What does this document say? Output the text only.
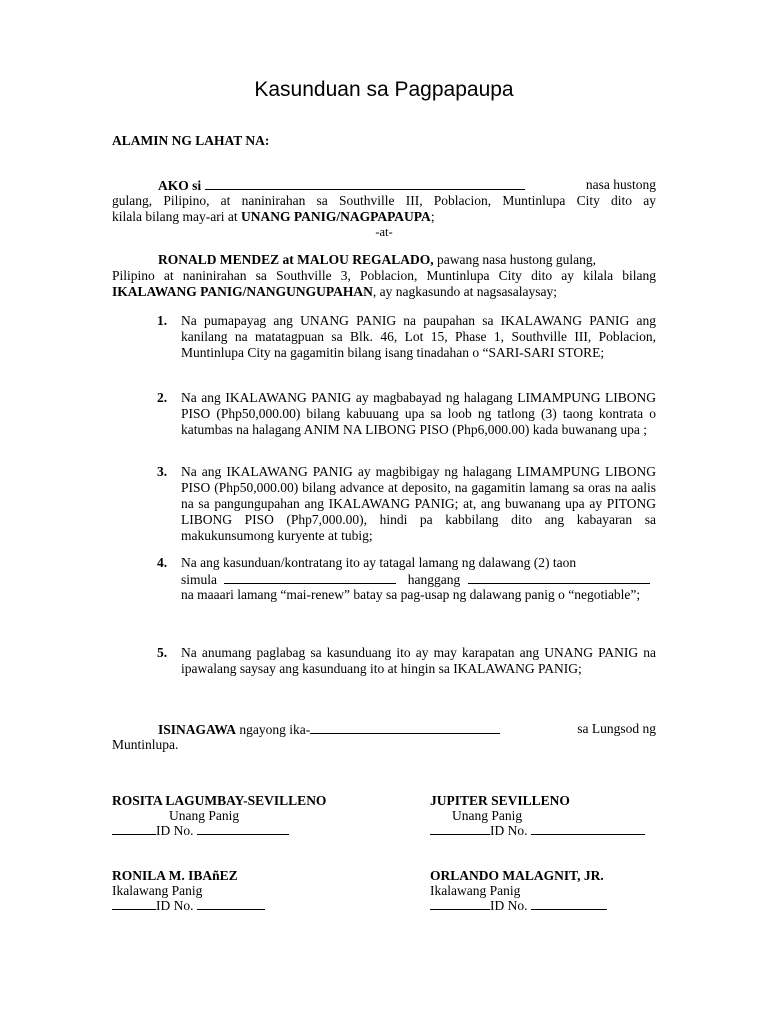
Kasunduan sa Pagpapaupa

ALAMIN NG LAHAT NA:

AKO si	nasa hustong

gulang, Pilipino, at naninirahan sa Southville III, Poblacion, Muntinlupa City dito ay

kilala bilang may-ari at UNANG PANIG/NAGPAPAUPA;

-at-

RONALD MENDEZ at MALOU REGALADO, pawang nasa hustong gulang,

Pilipino at naninirahan sa Southville 3, Poblacion, Muntinlupa City dito ay kilala bilang

IKALAWANG PANIG/NANGUNGUPAHAN, ay nagkasundo at nagsasalaysay;

1. Na pumapayag ang UNANG PANIG na paupahan sa IKALAWANG PANIG ang kanilang na matatagpuan sa Blk. 46, Lot 15, Phase 1, Southville III, Poblacion, Muntinlupa City na gagamitin bilang isang tinadahan o “SARI-SARI STORE;

2. Na ang IKALAWANG PANIG ay magbabayad ng halagang LIMAMPUNG LIBONG PISO (Php50,000.00) bilang kabuuang upa sa loob ng tatlong (3) taong kontrata o katumbas na halagang ANIM NA LIBONG PISO (Php6,000.00) kada buwanang upa ;

3. Na ang IKALAWANG PANIG ay magbibigay ng halagang LIMAMPUNG LIBONG PISO (Php50,000.00) bilang advance at deposito, na gagamitin lamang sa oras na aalis na sa pangungupahan ang IKALAWANG PANIG; at, ang buwanang upa ay PITONG LIBONG PISO (Php7,000.00), hindi pa kabbilang dito ang kabayaran sa makukunsumong kuryente at tubig;

4. Na ang kasunduan/kontratang ito ay tatagal lamang ng dalawang (2) taon

simula	hanggang

na maaari lamang “mai-renew” batay sa pag-usap ng dalawang panig o “negotiable”;

5. Na anumang paglabag sa kasunduang ito ay may karapatan ang UNANG PANIG na ipawalang saysay ang kasunduang ito at hingin sa IKALAWANG PANIG;

ISINAGAWA ngayong ika-	sa Lungsod ng

Muntinlupa.

ROSITA LAGUMBAY-SEVILLENO
Unang Panig
ID No.
JUPITER SEVILLENO
Unang Panig
ID No.
RONILA M. IBAñEZ
Ikalawang Panig
ID No.
ORLANDO MALAGNIT, JR.
Ikalawang Panig
ID No.
